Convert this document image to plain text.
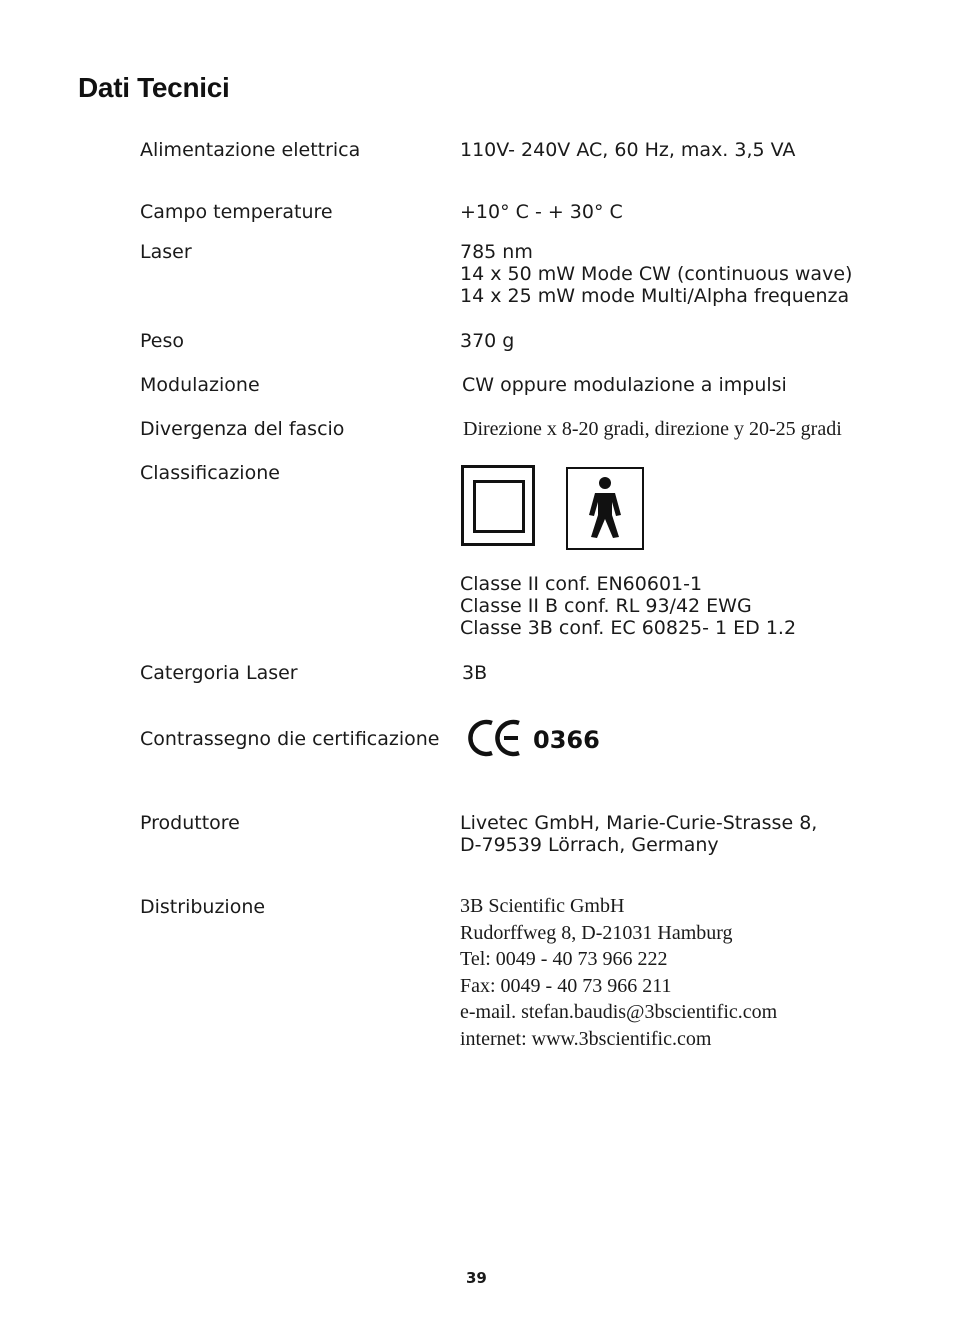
Dati Tecnici
Alimentazione elettrica	110V- 240V AC, 60 Hz, max. 3,5 VA
Campo temperature	+10° C - + 30° C
Laser	785 nm
14 x 50 mW Mode CW (continuous wave)
14 x 25 mW mode Multi/Alpha frequenza
Peso	370 g
Modulazione	CW oppure modulazione a impulsi
Divergenza del fascio	Direzione x 8-20 gradi, direzione y 20-25 gradi
Classificazione
Classe II conf. EN60601-1
Classe II B conf. RL 93/42 EWG
Classe 3B conf. EC 60825- 1 ED 1.2
Catergoria Laser	3B
Contrassegno die certificazione	0366
Produttore	Livetec GmbH, Marie-Curie-Strasse 8,
D-79539 Lörrach, Germany
Distribuzione	3B Scientific GmbH
Rudorffweg 8, D-21031 Hamburg
Tel: 0049 - 40 73 966 222
Fax: 0049 - 40 73 966 211
e-mail. stefan.baudis@3bscientific.com
internet: www.3bscientific.com
39
